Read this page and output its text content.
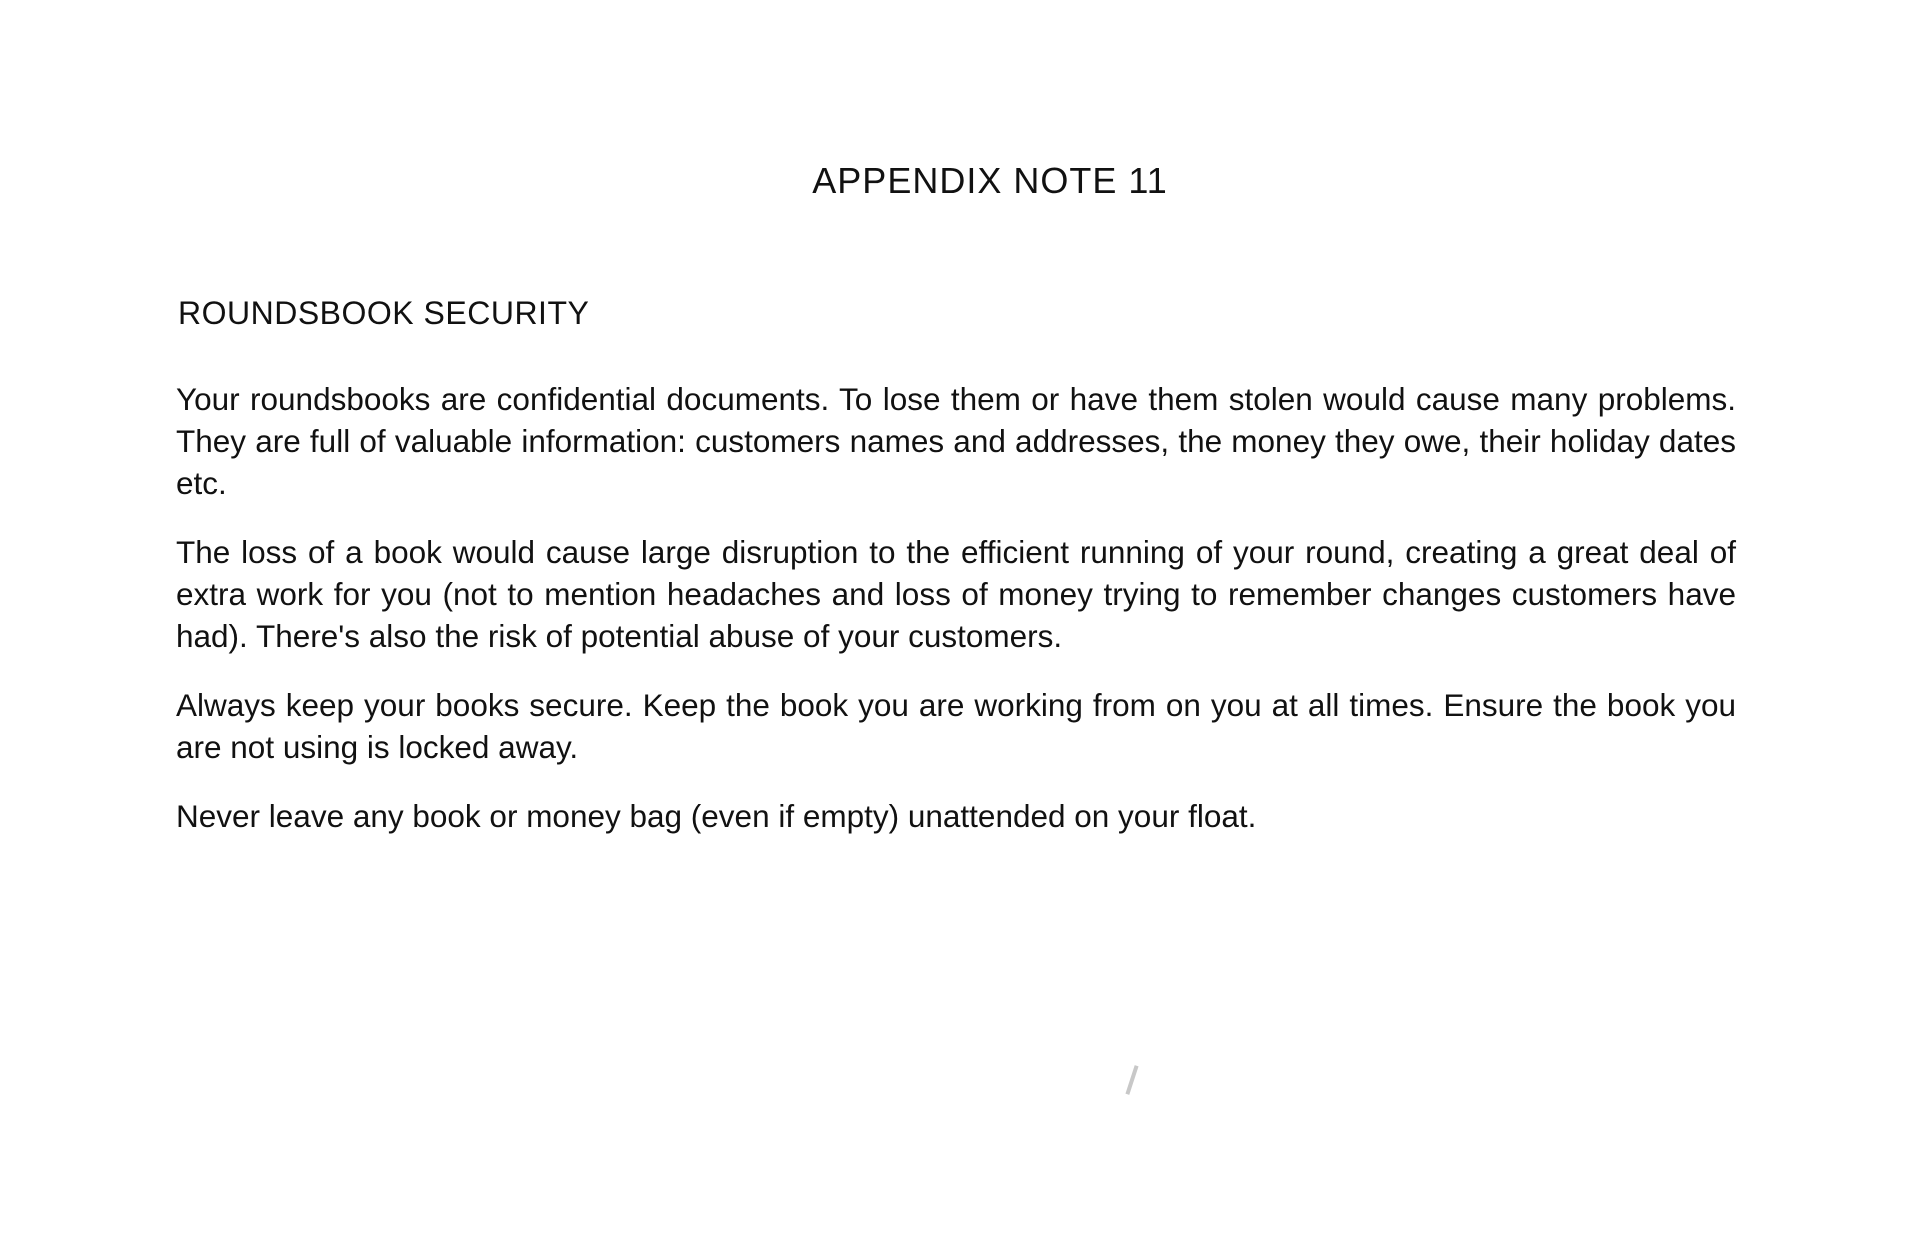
APPENDIX NOTE 11
ROUNDSBOOK SECURITY

Your roundsbooks are confidential documents. To lose them or have them stolen would cause many problems. They are full of valuable information: customers names and addresses, the money they owe, their holiday dates etc.

The loss of a book would cause large disruption to the efficient running of your round, creating a great deal of extra work for you (not to mention headaches and loss of money trying to remember changes customers have had). There's also the risk of potential abuse of your customers.

Always keep your books secure. Keep the book you are working from on you at all times. Ensure the book you are not using is locked away.

Never leave any book or money bag (even if empty) unattended on your float.
